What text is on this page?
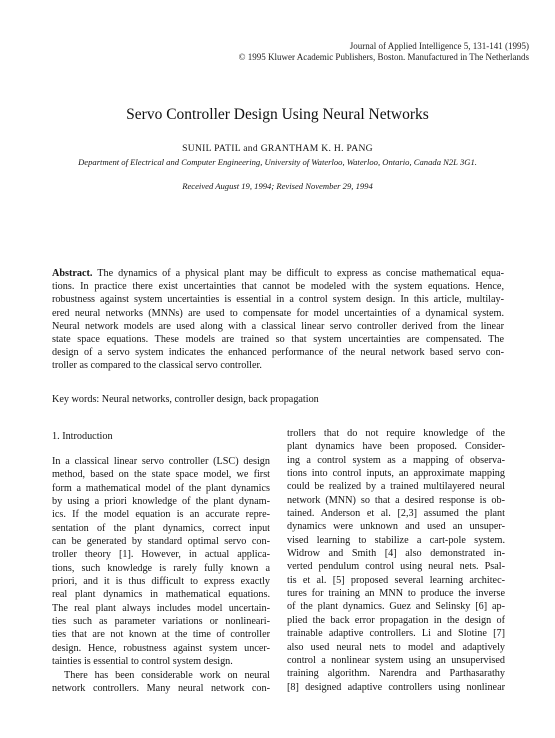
Journal of Applied Intelligence 5, 131-141 (1995)
© 1995 Kluwer Academic Publishers, Boston. Manufactured in The Netherlands
Servo Controller Design Using Neural Networks
SUNIL PATIL and GRANTHAM K. H. PANG
Department of Electrical and Computer Engineering, University of Waterloo, Waterloo, Ontario, Canada N2L 3G1.
Received August 19, 1994; Revised November 29, 1994
Abstract. The dynamics of a physical plant may be difficult to express as concise mathematical equa-
tions. In practice there exist uncertainties that cannot be modeled with the system equations. Hence,
robustness against system uncertainties is essential in a control system design. In this article, multilay-
ered neural networks (MNNs) are used to compensate for model uncertainties of a dynamical system.
Neural network models are used along with a classical linear servo controller derived from the linear
state space equations. These models are trained so that system uncertainties are compensated. The
design of a servo system indicates the enhanced performance of the neural network based servo con-
troller as compared to the classical servo controller.
Key words: Neural networks, controller design, back propagation
1. Introduction
In a classical linear servo controller (LSC) design
method, based on the state space model, we first
form a mathematical model of the plant dynamics
by using a priori knowledge of the plant dynam-
ics. If the model equation is an accurate repre-
sentation of the plant dynamics, correct input
can be generated by standard optimal servo con-
troller theory [1]. However, in actual applica-
tions, such knowledge is rarely fully known a
priori, and it is thus difficult to express exactly
real plant dynamics in mathematical equations.
The real plant always includes model uncertain-
ties such as parameter variations or nonlineari-
ties that are not known at the time of controller
design. Hence, robustness against system uncer-
tainties is essential to control system design.
There has been considerable work on neural
network controllers. Many neural network con-
trollers that do not require knowledge of the
plant dynamics have been proposed. Consider-
ing a control system as a mapping of observa-
tions into control inputs, an approximate mapping
could be realized by a trained multilayered neural
network (MNN) so that a desired response is ob-
tained. Anderson et al. [2,3] assumed the plant
dynamics were unknown and used an unsuper-
vised learning to stabilize a cart-pole system.
Widrow and Smith [4] also demonstrated in-
verted pendulum control using neural nets. Psal-
tis et al. [5] proposed several learning architec-
tures for training an MNN to produce the inverse
of the plant dynamics. Guez and Selinsky [6] ap-
plied the back error propagation in the design of
trainable adaptive controllers. Li and Slotine [7]
also used neural nets to model and adaptively
control a nonlinear system using an unsupervised
training algorithm. Narendra and Parthasarathy
[8] designed adaptive controllers using nonlinear
